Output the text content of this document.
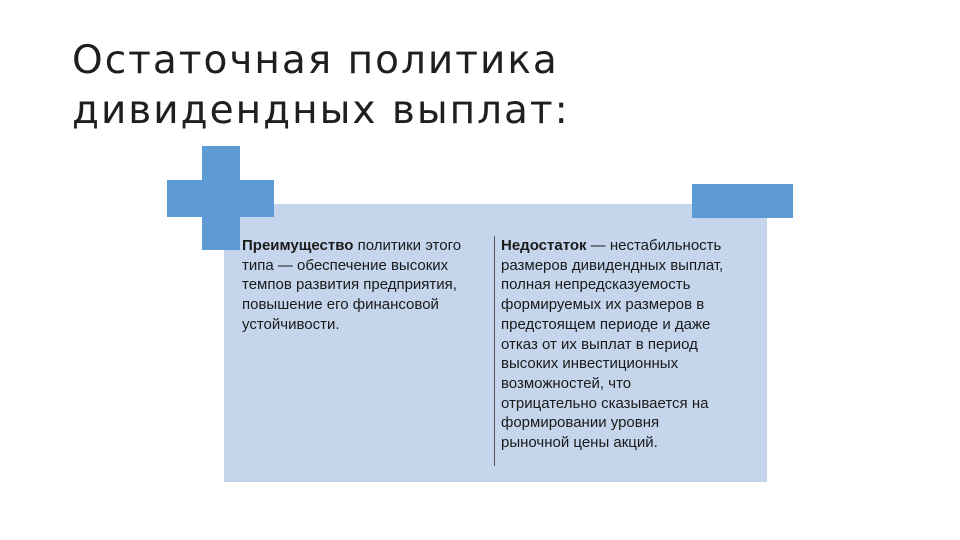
Остаточная политика
дивидендных выплат:
Преимущество политики этого
типа — обеспечение высоких
темпов развития предприятия,
повышение его финансовой
устойчивости.
Недостаток — нестабильность
размеров дивидендных выплат,
полная непредсказуемость
формируемых их размеров в
предстоящем периоде и даже
отказ от их выплат в период
высоких инвестиционных
возможностей, что
отрицательно сказывается на
формировании уровня
рыночной цены акций.
